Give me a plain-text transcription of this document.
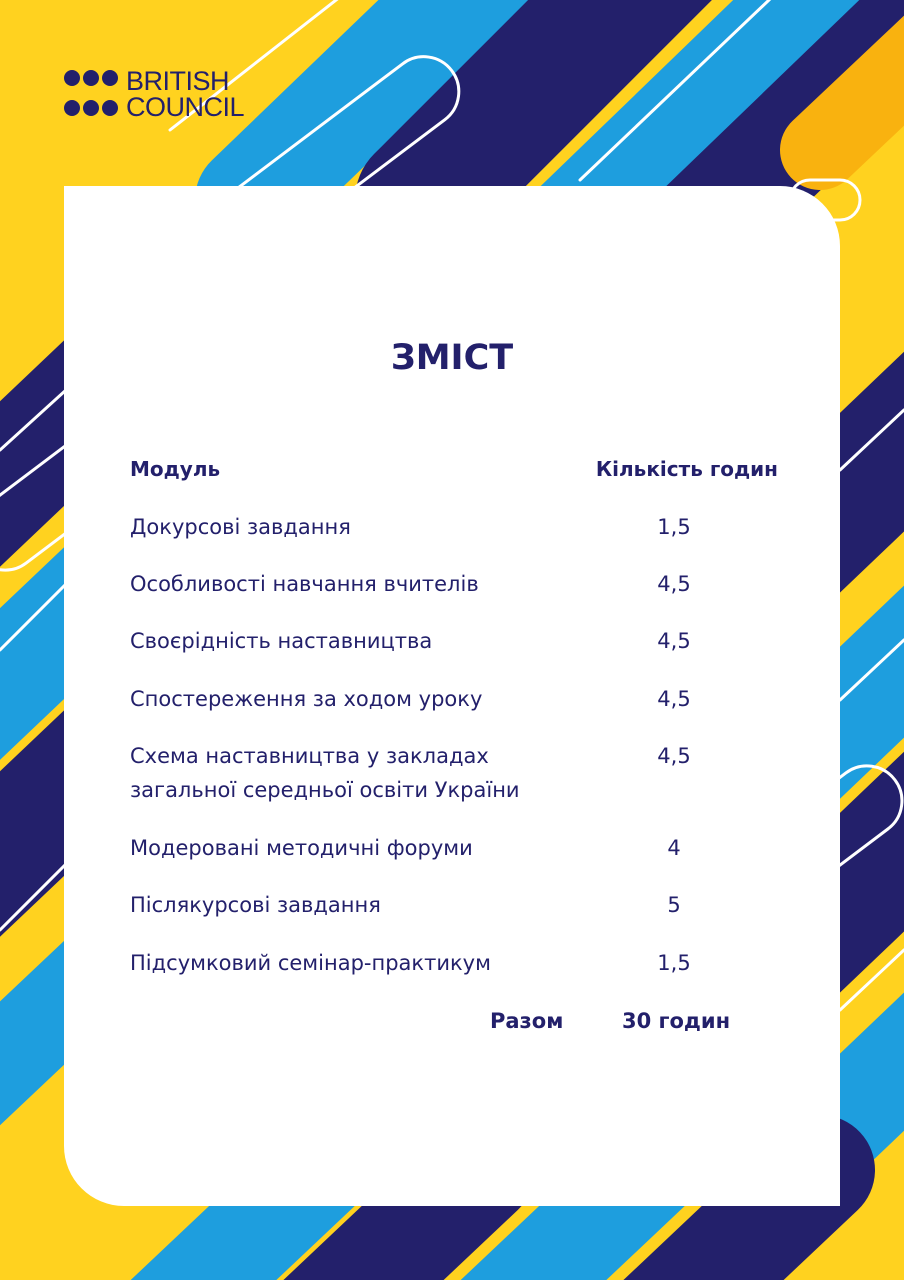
BRITISH
COUNCIL
ЗМІСТ
Модуль	Кількість годин
Докурсові завдання	1,5
Особливості навчання вчителів	4,5
Своєрідність наставництва	4,5
Спостереження за ходом уроку	4,5
Схема наставництва у закладах	4,5
загальної середньої освіти України
Модеровані методичні форуми	4
Післякурсові завдання	5
Підсумковий семінар-практикум	1,5
Разом	30 годин
